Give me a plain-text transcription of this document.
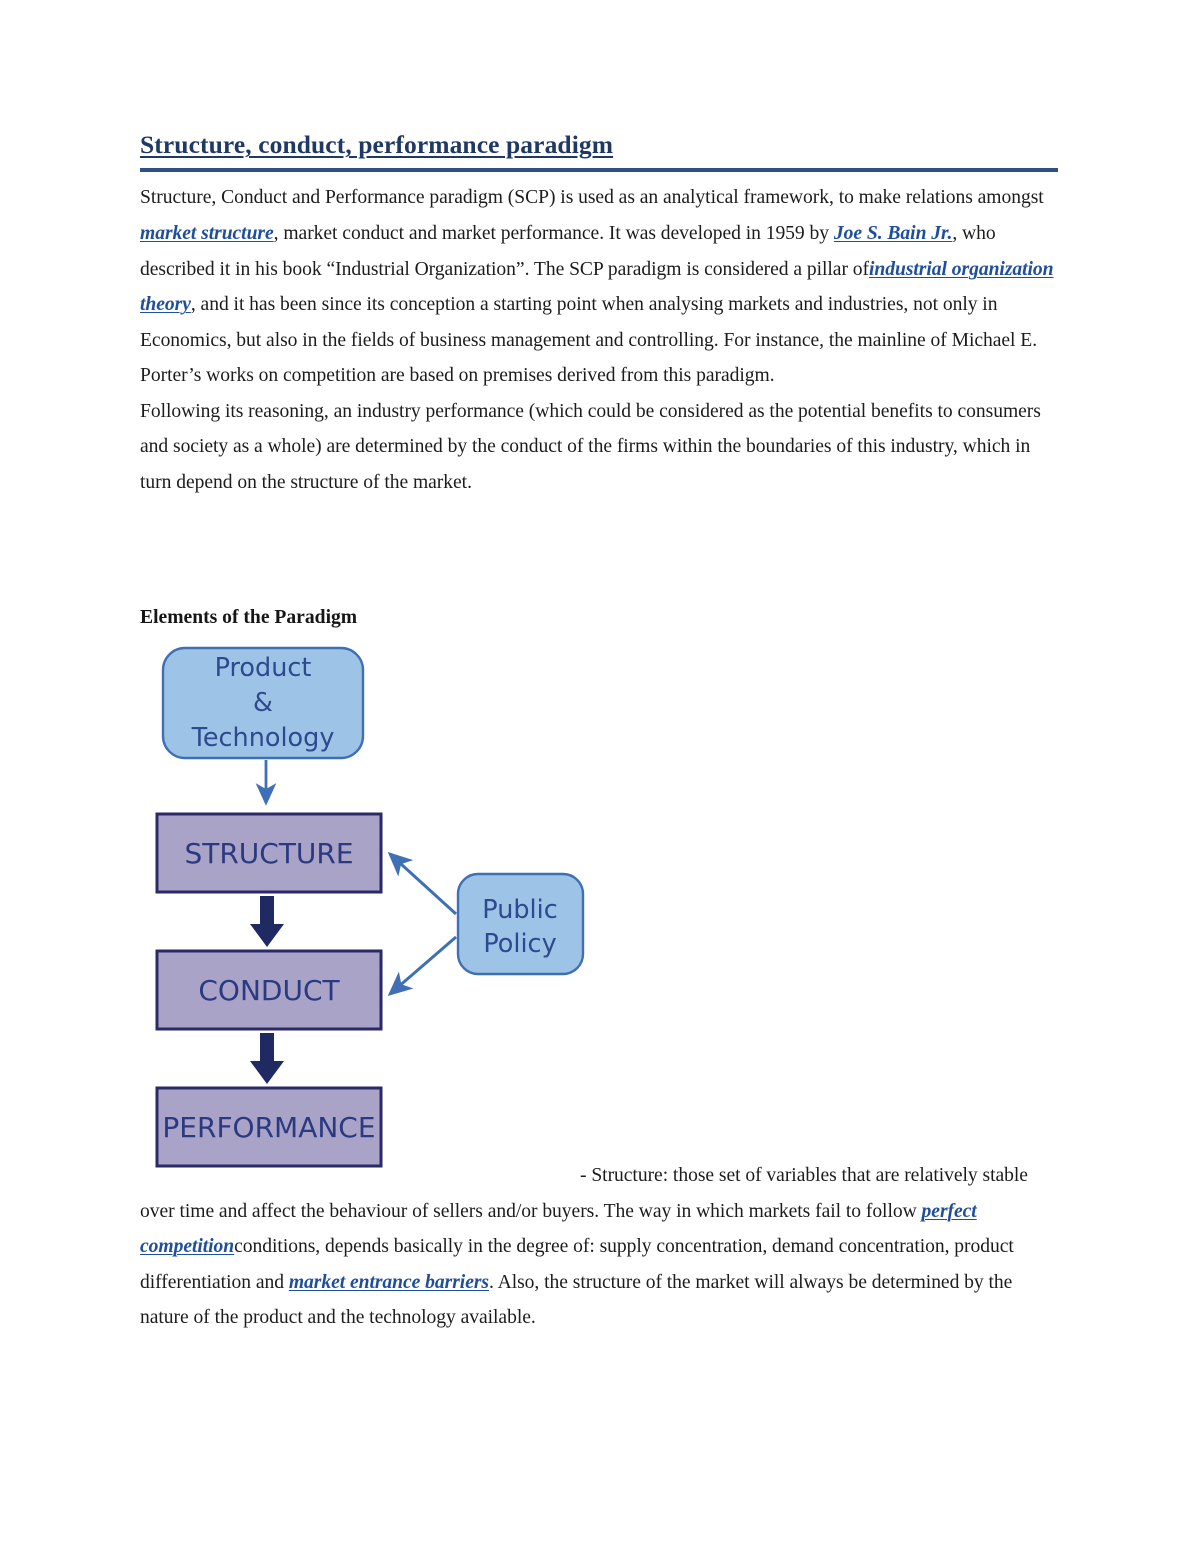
Structure, conduct, performance paradigm

Structure, Conduct and Performance paradigm (SCP) is used as an analytical framework, to make relations amongst market structure, market conduct and market performance. It was developed in 1959 by Joe S. Bain Jr., who described it in his book “Industrial Organization”. The SCP paradigm is considered a pillar ofindustrial organization theory, and it has been since its conception a starting point when analysing markets and industries, not only in Economics, but also in the fields of business management and controlling. For instance, the mainline of Michael E. Porter’s works on competition are based on premises derived from this paradigm.

Following its reasoning, an industry performance (which could be considered as the potential benefits to consumers and society as a whole) are determined by the conduct of the firms within the boundaries of this industry, which in turn depend on the structure of the market.

Elements of the Paradigm
Product
&
Technology
STRUCTURE
CONDUCT
PERFORMANCE
Public
Policy

- Structure: those set of variables that are relatively stable over time and affect the behaviour of sellers and/or buyers. The way in which markets fail to follow perfect competitionconditions, depends basically in the degree of: supply concentration, demand concentration, product differentiation and market entrance barriers. Also, the structure of the market will always be determined by the nature of the product and the technology available.
